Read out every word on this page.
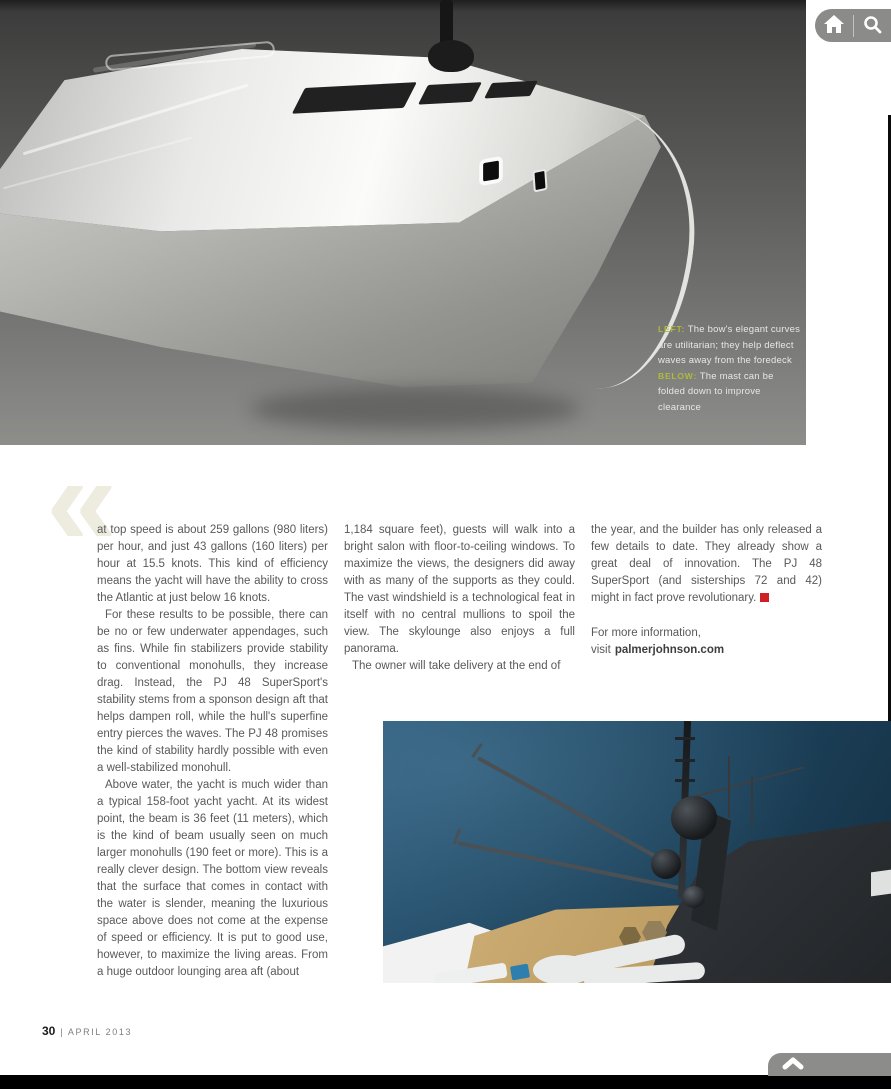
LEFT: The bow's elegant curves are utilitarian; they help deflect waves away from the foredeck BELOW: The mast can be folded down to improve clearance
«

at top speed is about 259 gallons (980 liters) per hour, and just 43 gallons (160 liters) per hour at 15.5 knots. This kind of efficiency means the yacht will have the ability to cross the Atlantic at just below 16 knots.

For these results to be possible, there can be no or few underwater appendages, such as fins. While fin stabilizers provide stability to conventional monohulls, they increase drag. Instead, the PJ 48 SuperSport's stability stems from a sponson design aft that helps dampen roll, while the hull's superfine entry pierces the waves. The PJ 48 promises the kind of stability hardly possible with even a well-stabilized monohull.

Above water, the yacht is much wider than a typical 158-foot yacht yacht. At its widest point, the beam is 36 feet (11 meters), which is the kind of beam usually seen on much larger monohulls (190 feet or more). This is a really clever design. The bottom view reveals that the surface that comes in contact with the water is slender, meaning the luxurious space above does not come at the expense of speed or efficiency. It is put to good use, however, to maximize the living areas. From a huge outdoor lounging area aft (about

1,184 square feet), guests will walk into a bright salon with floor-to-ceiling windows. To maximize the views, the designers did away with as many of the supports as they could. The vast windshield is a technological feat in itself with no central mullions to spoil the view. The skylounge also enjoys a full panorama.

The owner will take delivery at the end of

the year, and the builder has only released a few details to date. They already show a great deal of innovation. The PJ 48 SuperSport (and sisterships 72 and 42) might in fact prove revolutionary.

For more information,

visit palmerjohnson.com

30 | APRIL 2013
